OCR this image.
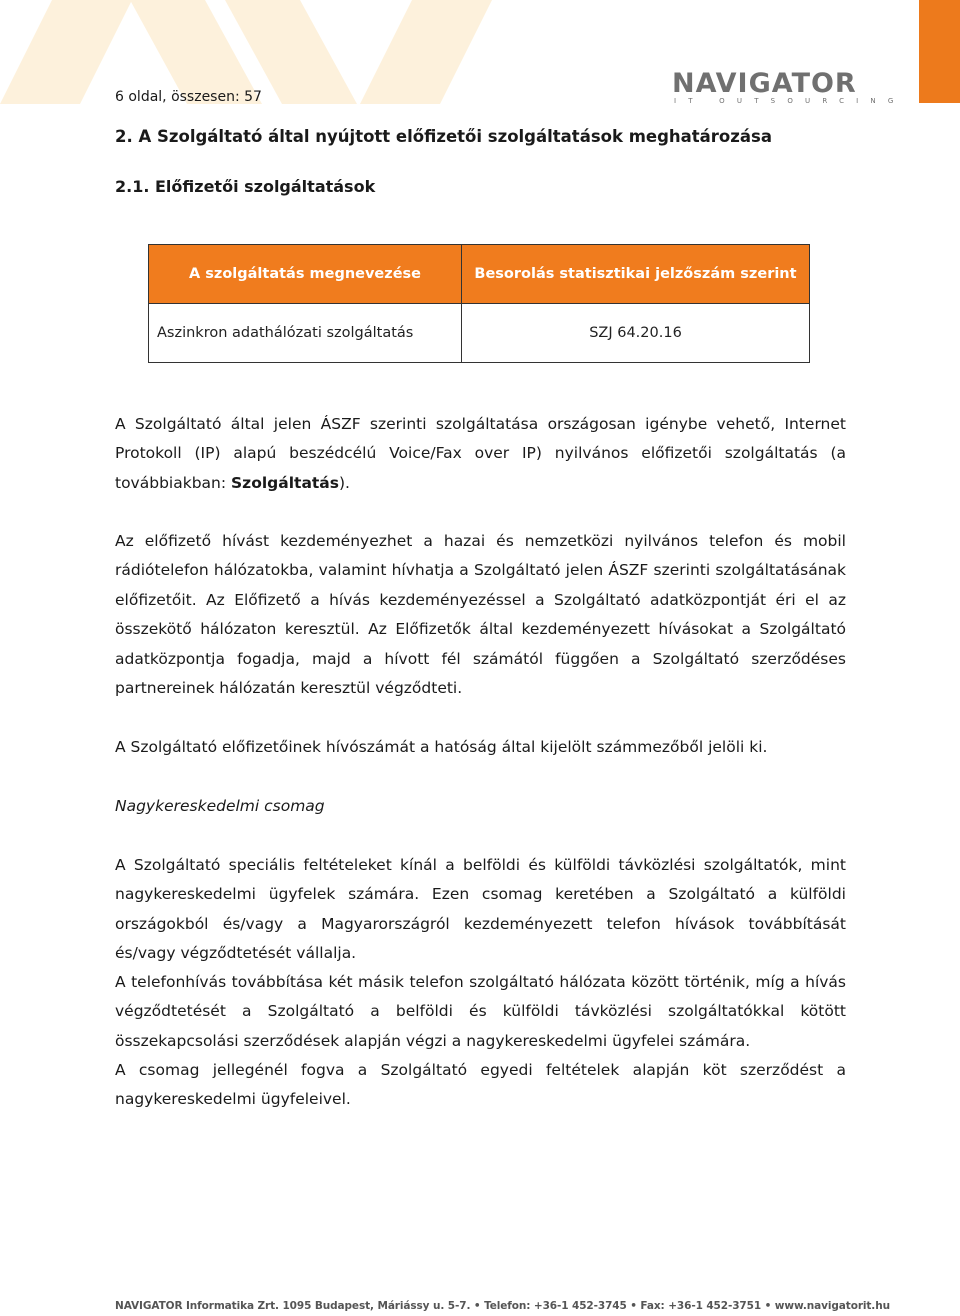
NAVIGATOR
IT OUTSOURCING
6 oldal, összesen: 57
2. A Szolgáltató által nyújtott előfizetői szolgáltatások meghatározása
2.1. Előfizetői szolgáltatások
A szolgáltatás megnevezése	Besorolás statisztikai jelzőszám szerint
Aszinkron adathálózati szolgáltatás	SZJ 64.20.16

A Szolgáltató által jelen ÁSZF szerinti szolgáltatása országosan igénybe vehető, Internet Protokoll (IP) alapú beszédcélú Voice/Fax over IP) nyilvános előfizetői szolgáltatás (a továbbiakban: Szolgáltatás).

Az előfizető hívást kezdeményezhet a hazai és nemzetközi nyilvános telefon és mobil rádiótelefon hálózatokba, valamint hívhatja a Szolgáltató jelen ÁSZF szerinti szolgáltatásának előfizetőit. Az Előfizető a hívás kezdeményezéssel a Szolgáltató adatközpontját éri el az összekötő hálózaton keresztül. Az Előfizetők által kezdeményezett hívásokat a Szolgáltató adatközpontja fogadja, majd a hívott fél számától függően a Szolgáltató szerződéses partnereinek hálózatán keresztül végződteti.

A Szolgáltató előfizetőinek hívószámát a hatóság által kijelölt számmezőből jelöli ki.

Nagykereskedelmi csomag

A Szolgáltató speciális feltételeket kínál a belföldi és külföldi távközlési szolgáltatók, mint nagykereskedelmi ügyfelek számára. Ezen csomag keretében a Szolgáltató a külföldi országokból és/vagy a Magyarországról kezdeményezett telefon hívások továbbítását és/vagy végződtetését vállalja.

A telefonhívás továbbítása két másik telefon szolgáltató hálózata között történik, míg a hívás végződtetését a Szolgáltató a belföldi és külföldi távközlési szolgáltatókkal kötött összekapcsolási szerződések alapján végzi a nagykereskedelmi ügyfelei számára.

A csomag jellegénél fogva a Szolgáltató egyedi feltételek alapján köt szerződést a nagykereskedelmi ügyfeleivel.

NAVIGATOR Informatika Zrt. 1095 Budapest, Máriássy u. 5-7. • Telefon: +36-1 452-3745 • Fax: +36-1 452-3751 • www.navigatorit.hu
